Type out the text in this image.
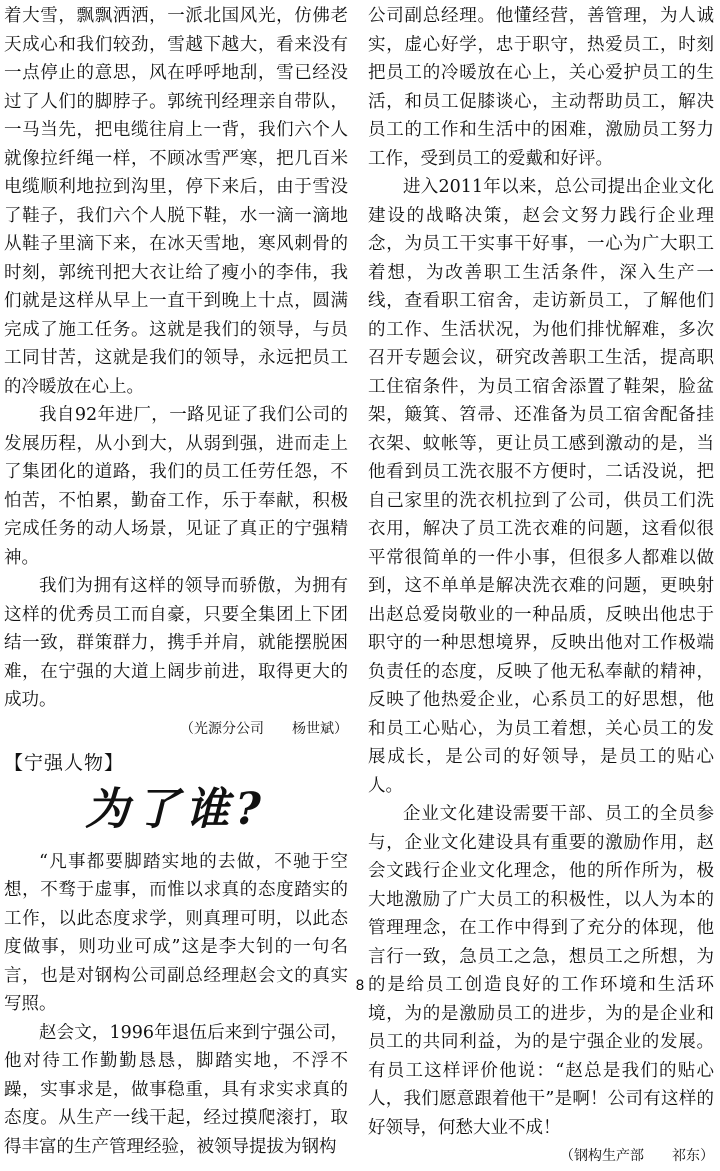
着大雪，飘飘洒洒，一派北国风光，仿佛老天成心和我们较劲，雪越下越大，看来没有一点停止的意思，风在呼呼地刮，雪已经没过了人们的脚脖子。郭统刊经理亲自带队，一马当先，把电缆往肩上一背，我们六个人就像拉纤绳一样，不顾冰雪严寒，把几百米电缆顺利地拉到沟里，停下来后，由于雪没了鞋子，我们六个人脱下鞋，水一滴一滴地从鞋子里滴下来，在冰天雪地，寒风刺骨的时刻，郭统刊把大衣让给了瘦小的李伟，我们就是这样从早上一直干到晚上十点，圆满完成了施工任务。这就是我们的领导，与员工同甘苦，这就是我们的领导，永远把员工的冷暖放在心上。

我自92年进厂，一路见证了我们公司的发展历程，从小到大，从弱到强，进而走上了集团化的道路，我们的员工任劳任怨，不怕苦，不怕累，勤奋工作，乐于奉献，积极完成任务的动人场景，见证了真正的宁强精神。

我们为拥有这样的领导而骄傲，为拥有这样的优秀员工而自豪，只要全集团上下团结一致，群策群力，携手并肩，就能摆脱困难，在宁强的大道上阔步前进，取得更大的成功。

（光源分公司　　杨世斌）

【宁强人物】
为了谁?

“凡事都要脚踏实地的去做，不驰于空想，不骛于虚事，而惟以求真的态度踏实的工作，以此态度求学，则真理可明，以此态度做事，则功业可成”这是李大钊的一句名言，也是对钢构公司副总经理赵会文的真实写照。

赵会文，1996年退伍后来到宁强公司，他对待工作勤勤恳恳，脚踏实地，不浮不躁，实事求是，做事稳重，具有求实求真的态度。从生产一线干起，经过摸爬滚打，取得丰富的生产管理经验，被领导提拔为钢构

公司副总经理。他懂经营，善管理，为人诚实，虚心好学，忠于职守，热爱员工，时刻把员工的冷暖放在心上，关心爱护员工的生活，和员工促膝谈心，主动帮助员工，解决员工的工作和生活中的困难，激励员工努力工作，受到员工的爱戴和好评。

进入2011年以来，总公司提出企业文化建设的战略决策，赵会文努力践行企业理念，为员工干实事干好事，一心为广大职工着想，为改善职工生活条件，深入生产一线，查看职工宿舍，走访新员工，了解他们的工作、生活状况，为他们排忧解难，多次召开专题会议，研究改善职工生活，提高职工住宿条件，为员工宿舍添置了鞋架，脸盆架，簸箕、笤帚、还准备为员工宿舍配备挂衣架、蚊帐等，更让员工感到激动的是，当他看到员工洗衣服不方便时，二话没说，把自己家里的洗衣机拉到了公司，供员工们洗衣用，解决了员工洗衣难的问题，这看似很平常很简单的一件小事，但很多人都难以做到，这不单单是解决洗衣难的问题，更映射出赵总爱岗敬业的一种品质，反映出他忠于职守的一种思想境界，反映出他对工作极端负责任的态度，反映了他无私奉献的精神，反映了他热爱企业，心系员工的好思想，他和员工心贴心，为员工着想，关心员工的发展成长，是公司的好领导，是员工的贴心人。

企业文化建设需要干部、员工的全员参与，企业文化建设具有重要的激励作用，赵会文践行企业文化理念，他的所作所为，极大地激励了广大员工的积极性，以人为本的管理理念，在工作中得到了充分的体现，他言行一致，急员工之急，想员工之所想，为的是给员工创造良好的工作环境和生活环境，为的是激励员工的进步，为的是企业和员工的共同利益，为的是宁强企业的发展。有员工这样评价他说：“赵总是我们的贴心人，我们愿意跟着他干”是啊！公司有这样的好领导，何愁大业不成！

（钢构生产部　　祁东）

8
